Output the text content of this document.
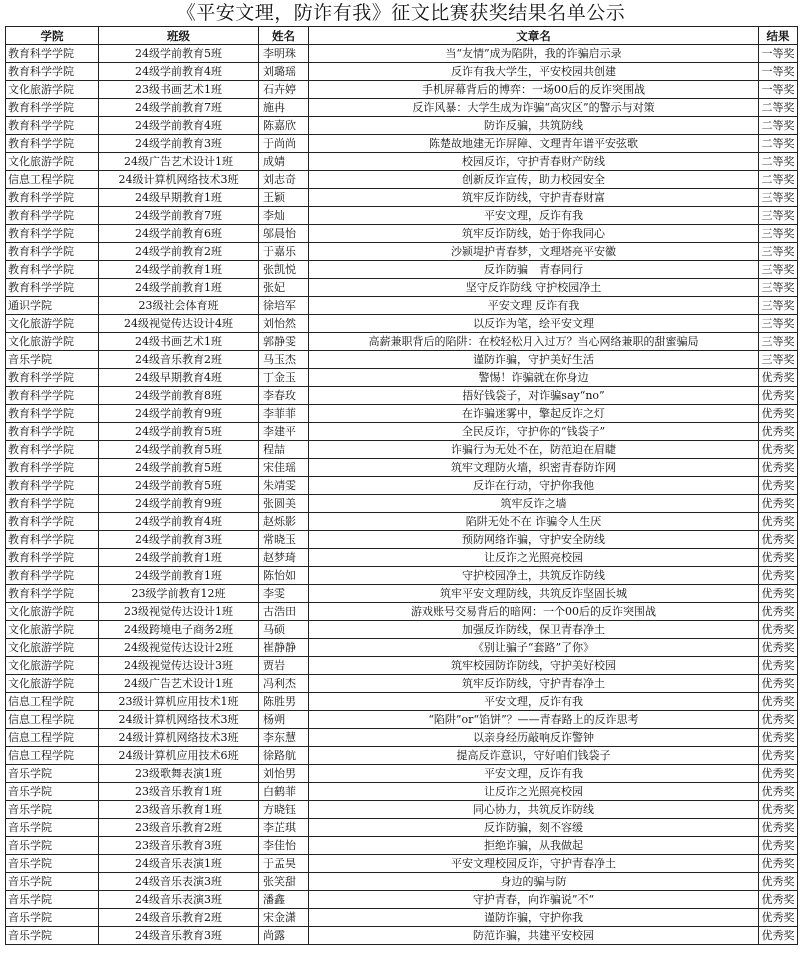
《平安文理，防诈有我》征文比赛获奖结果名单公示
学院	班级	姓名	文章名	结果
教育科学学院	24级学前教育5班	李明珠	当“友情”成为陷阱，我的诈骗启示录	一等奖
教育科学学院	24级学前教育4班	刘璐瑶	反诈有我大学生，平安校园共创建	一等奖
文化旅游学院	23级书画艺术1班	石卉婷	手机屏幕背后的博弈：一场00后的反诈突围战	一等奖
教育科学学院	24级学前教育7班	施冉	反诈风暴：大学生成为诈骗“高灾区”的警示与对策	二等奖
教育科学学院	24级学前教育4班	陈嘉欣	防诈反骗，共筑防线	二等奖
教育科学学院	24级学前教育3班	于尚尚	陈楚故地建无诈屏障、文理青年谱平安弦歌	二等奖
文化旅游学院	24级广告艺术设计1班	成婧	校园反诈，守护青春财产防线	二等奖
信息工程学院	24级计算机网络技术3班	刘志奇	创新反诈宣传，助力校园安全	二等奖
教育科学学院	24级早期教育1班	王颖	筑牢反诈防线，守护青春财富	三等奖
教育科学学院	24级学前教育7班	李灿	平安文理，反诈有我	三等奖
教育科学学院	24级学前教育6班	邬晨怡	筑牢反诈防线，始于你我同心	三等奖
教育科学学院	24级学前教育2班	于嘉乐	沙颍堤护青春梦，文理塔亮平安徽	三等奖
教育科学学院	24级学前教育1班	张凯悦	反诈防骗　青春同行	三等奖
教育科学学院	24级学前教育1班	张妃	坚守反诈防线 守护校园净土	三等奖
通识学院	23级社会体育班	徐培军	平安文理 反诈有我	三等奖
文化旅游学院	24级视觉传达设计4班	刘怡然	以反诈为笔，绘平安文理	三等奖
文化旅游学院	24级书画艺术1班	郭静雯	高薪兼职背后的陷阱：在校轻松月入过万？当心网络兼职的甜蜜骗局	三等奖
音乐学院	24级音乐教育2班	马玉杰	谨防诈骗，守护美好生活	三等奖
教育科学学院	24级早期教育4班	丁金玉	警惕！诈骗就在你身边	优秀奖
教育科学学院	24级学前教育8班	李春玫	捂好钱袋子，对诈骗say“no”	优秀奖
教育科学学院	24级学前教育9班	李菲菲	在诈骗迷雾中，擎起反诈之灯	优秀奖
教育科学学院	24级学前教育5班	李建平	全民反诈，守护你的“钱袋子”	优秀奖
教育科学学院	24级学前教育5班	程喆	诈骗行为无处不在，防范迫在眉睫	优秀奖
教育科学学院	24级学前教育5班	宋佳瑶	筑牢文理防火墙，织密青春防诈网	优秀奖
教育科学学院	24级学前教育5班	朱靖雯	反诈在行动，守护你我他	优秀奖
教育科学学院	24级学前教育9班	张圆美	筑牢反诈之墙	优秀奖
教育科学学院	24级学前教育4班	赵烁影	陷阱无处不在 诈骗令人生厌	优秀奖
教育科学学院	24级学前教育3班	常晓玉	预防网络诈骗，守护安全防线	优秀奖
教育科学学院	24级学前教育1班	赵梦琦	让反诈之光照亮校园	优秀奖
教育科学学院	24级学前教育1班	陈怡如	守护校园净土，共筑反诈防线	优秀奖
教育科学学院	23级学前教育12班	李雯	筑牢平安文理防线，共筑反诈坚固长城	优秀奖
文化旅游学院	23级视觉传达设计1班	古浩田	游戏账号交易背后的暗网：一个00后的反诈突围战	优秀奖
文化旅游学院	24级跨境电子商务2班	马硕	加强反诈防线，保卫青春净土	优秀奖
文化旅游学院	24级视觉传达设计2班	崔静静	《别让骗子“套路”了你》	优秀奖
文化旅游学院	24级视觉传达设计3班	贾岩	筑牢校园防诈防线，守护美好校园	优秀奖
文化旅游学院	24级广告艺术设计1班	冯利杰	筑牢反诈防线，守护青春净土	优秀奖
信息工程学院	23级计算机应用技术1班	陈胜男	平安文理，反诈有我	优秀奖
信息工程学院	24级计算机网络技术3班	杨朔	“陷阱”or“馅饼”？——青春路上的反诈思考	优秀奖
信息工程学院	24级计算机网络技术3班	李东慧	以亲身经历敲响反诈警钟	优秀奖
信息工程学院	24级计算机应用技术6班	徐路航	提高反诈意识，守好咱们钱袋子	优秀奖
音乐学院	23级歌舞表演1班	刘怡男	平安文理，反诈有我	优秀奖
音乐学院	23级音乐教育1班	白鹤菲	让反诈之光照亮校园	优秀奖
音乐学院	23级音乐教育1班	方晓钰	同心协力，共筑反诈防线	优秀奖
音乐学院	23级音乐教育2班	李芷琪	反诈防骗，刻不容缓	优秀奖
音乐学院	23级音乐教育3班	李佳怡	拒绝诈骗，从我做起	优秀奖
音乐学院	24级音乐表演1班	于孟昊	平安文理校园反诈，守护青春净土	优秀奖
音乐学院	24级音乐表演3班	张笑甜	身边的骗与防	优秀奖
音乐学院	24级音乐表演3班	潘鑫	守护青春，向诈骗说”不“	优秀奖
音乐学院	24级音乐教育2班	宋金潇	谨防诈骗，守护你我	优秀奖
音乐学院	24级音乐教育3班	尚露	防范诈骗，共建平安校园	优秀奖
